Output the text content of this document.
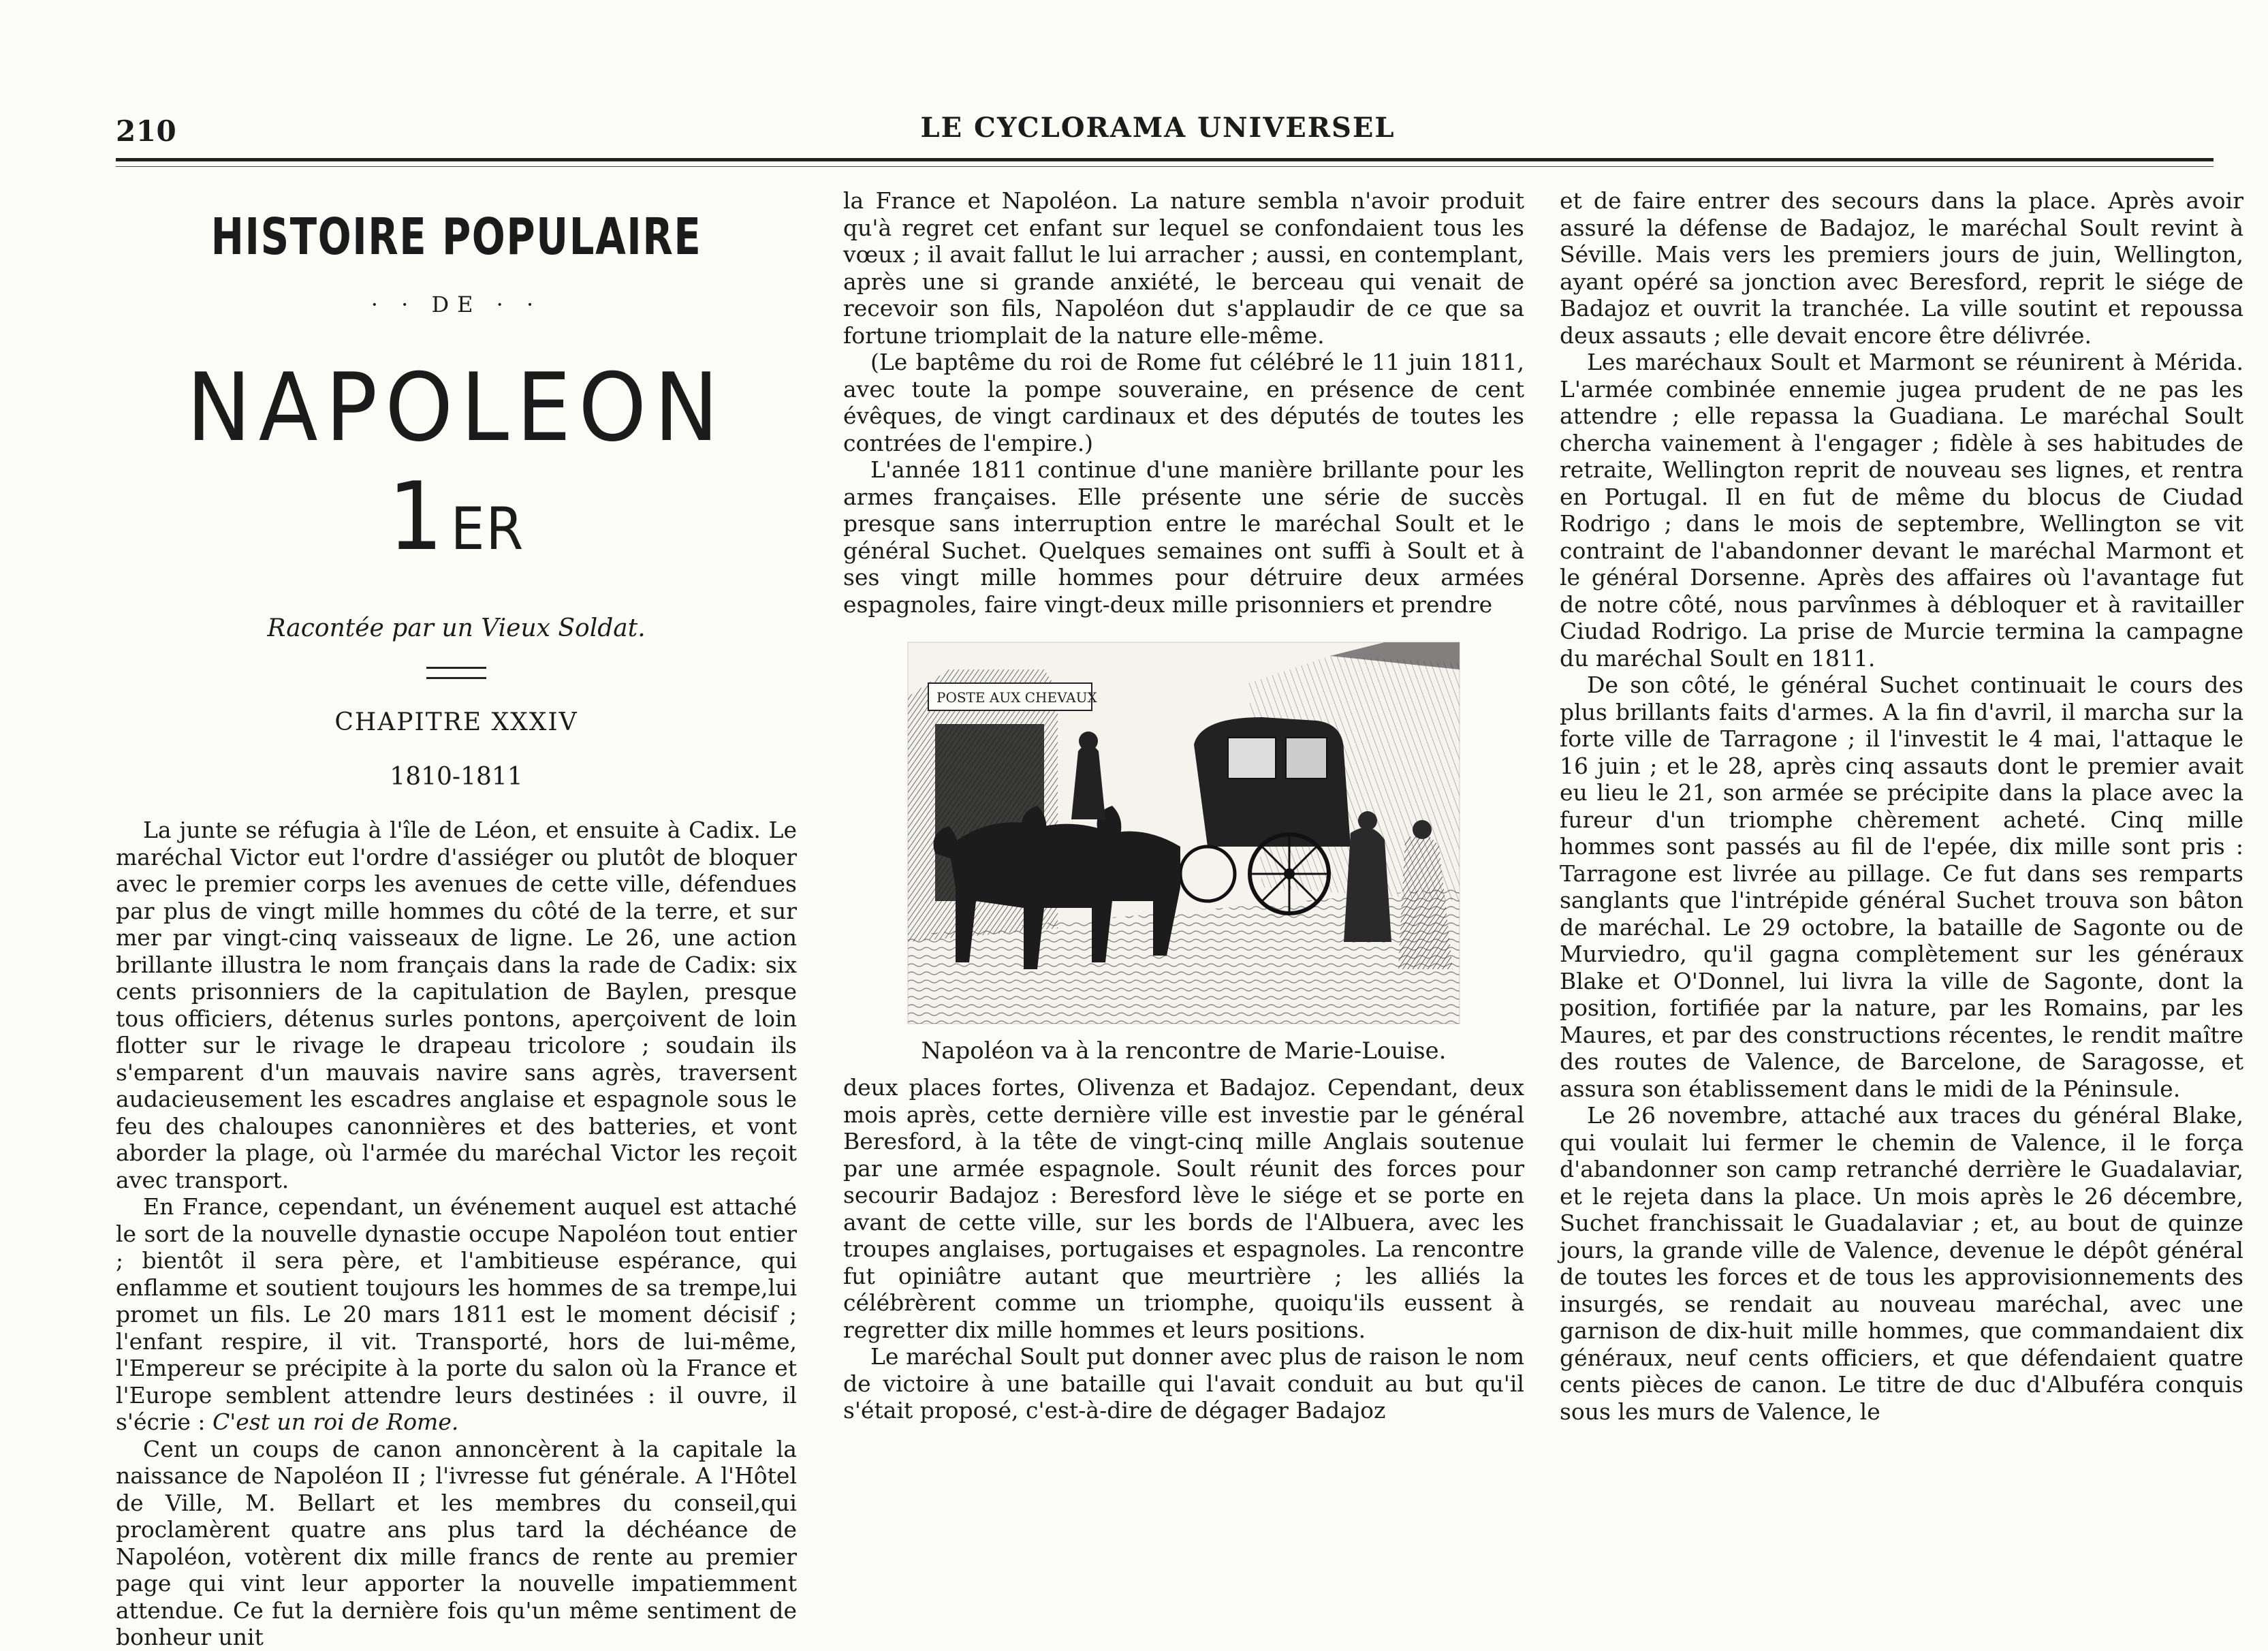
210	LE CYCLORAMA UNIVERSEL
HISTOIRE POPULAIRE
· · DE · ·
NAPOLEON 1ER
Racontée par un Vieux Soldat.
CHAPITRE XXXIV
1810-1811

La junte se réfugia à l'île de Léon, et ensuite à Cadix. Le maréchal Victor eut l'ordre d'assiéger ou plutôt de bloquer avec le premier corps les avenues de cette ville, défendues par plus de vingt mille hommes du côté de la terre, et sur mer par vingt-cinq vaisseaux de ligne. Le 26, une action brillante illustra le nom français dans la rade de Cadix: six cents prisonniers de la capitulation de Baylen, presque tous officiers, détenus surles pontons, aperçoivent de loin flotter sur le rivage le drapeau tricolore ; soudain ils s'emparent d'un mauvais navire sans agrès, traversent audacieusement les escadres anglaise et espagnole sous le feu des chaloupes canonnières et des batteries, et vont aborder la plage, où l'armée du maréchal Victor les reçoit avec transport.

En France, cependant, un événement auquel est attaché le sort de la nouvelle dynastie occupe Napoléon tout entier ; bientôt il sera père, et l'ambitieuse espérance, qui enflamme et soutient toujours les hommes de sa trempe,lui promet un fils. Le 20 mars 1811 est le moment décisif ; l'enfant respire, il vit. Transporté, hors de lui-même, l'Empereur se précipite à la porte du salon où la France et l'Europe semblent attendre leurs destinées : il ouvre, il s'écrie : C'est un roi de Rome.

Cent un coups de canon annoncèrent à la capitale la naissance de Napoléon II ; l'ivresse fut générale. A l'Hôtel de Ville, M. Bellart et les membres du conseil,qui proclamèrent quatre ans plus tard la déchéance de Napoléon, votèrent dix mille francs de rente au premier page qui vint leur apporter la nouvelle impatiemment attendue. Ce fut la dernière fois qu'un même sentiment de bonheur unit

la France et Napoléon. La nature sembla n'avoir produit qu'à regret cet enfant sur lequel se confondaient tous les vœux ; il avait fallut le lui arracher ; aussi, en contemplant, après une si grande anxiété, le berceau qui venait de recevoir son fils, Napoléon dut s'applaudir de ce que sa fortune triomplait de la nature elle-même.

(Le baptême du roi de Rome fut célébré le 11 juin 1811, avec toute la pompe souveraine, en présence de cent évêques, de vingt cardinaux et des députés de toutes les contrées de l'empire.)

L'année 1811 continue d'une manière brillante pour les armes françaises. Elle présente une série de succès presque sans interruption entre le maréchal Soult et le général Suchet. Quelques semaines ont suffi à Soult et à ses vingt mille hommes pour détruire deux armées espagnoles, faire vingt-deux mille prisonniers et prendre

POSTE AUX CHEVAUX
Napoléon va à la rencontre de Marie-Louise.

deux places fortes, Olivenza et Badajoz. Cependant, deux mois après, cette dernière ville est investie par le général Beresford, à la tête de vingt-cinq mille Anglais soutenue par une armée espagnole. Soult réunit des forces pour secourir Badajoz : Beresford lève le siége et se porte en avant de cette ville, sur les bords de l'Albuera, avec les troupes anglaises, portugaises et espagnoles. La rencontre fut opiniâtre autant que meurtrière ; les alliés la célébrèrent comme un triomphe, quoiqu'ils eussent à regretter dix mille hommes et leurs positions.

Le maréchal Soult put donner avec plus de raison le nom de victoire à une bataille qui l'avait conduit au but qu'il s'était proposé, c'est-à-dire de dégager Badajoz

et de faire entrer des secours dans la place. Après avoir assuré la défense de Badajoz, le maréchal Soult revint à Séville. Mais vers les premiers jours de juin, Wellington, ayant opéré sa jonction avec Beresford, reprit le siége de Badajoz et ouvrit la tranchée. La ville soutint et repoussa deux assauts ; elle devait encore être délivrée.

Les maréchaux Soult et Marmont se réunirent à Mérida. L'armée combinée ennemie jugea prudent de ne pas les attendre ; elle repassa la Guadiana. Le maréchal Soult chercha vainement à l'engager ; fidèle à ses habitudes de retraite, Wellington reprit de nouveau ses lignes, et rentra en Portugal. Il en fut de même du blocus de Ciudad Rodrigo ; dans le mois de septembre, Wellington se vit contraint de l'abandonner devant le maréchal Marmont et le général Dorsenne. Après des affaires où l'avantage fut de notre côté, nous parvînmes à débloquer et à ravitailler Ciudad Rodrigo. La prise de Murcie termina la campagne du maréchal Soult en 1811.

De son côté, le général Suchet continuait le cours des plus brillants faits d'armes. A la fin d'avril, il marcha sur la forte ville de Tarragone ; il l'investit le 4 mai, l'attaque le 16 juin ; et le 28, après cinq assauts dont le premier avait eu lieu le 21, son armée se précipite dans la place avec la fureur d'un triomphe chèrement acheté. Cinq mille hommes sont passés au fil de l'epée, dix mille sont pris : Tarragone est livrée au pillage. Ce fut dans ses remparts sanglants que l'intrépide général Suchet trouva son bâton de maréchal. Le 29 octobre, la bataille de Sagonte ou de Murviedro, qu'il gagna complètement sur les généraux Blake et O'Donnel, lui livra la ville de Sagonte, dont la position, fortifiée par la nature, par les Romains, par les Maures, et par des constructions récentes, le rendit maître des routes de Valence, de Barcelone, de Saragosse, et assura son établissement dans le midi de la Péninsule.

Le 26 novembre, attaché aux traces du général Blake, qui voulait lui fermer le chemin de Valence, il le força d'abandonner son camp retranché derrière le Guadalaviar, et le rejeta dans la place. Un mois après le 26 décembre, Suchet franchissait le Guadalaviar ; et, au bout de quinze jours, la grande ville de Valence, devenue le dépôt général de toutes les forces et de tous les approvisionnements des insurgés, se rendait au nouveau maréchal, avec une garnison de dix-huit mille hommes, que commandaient dix généraux, neuf cents officiers, et que défendaient quatre cents pièces de canon. Le titre de duc d'Albuféra conquis sous les murs de Valence, le
